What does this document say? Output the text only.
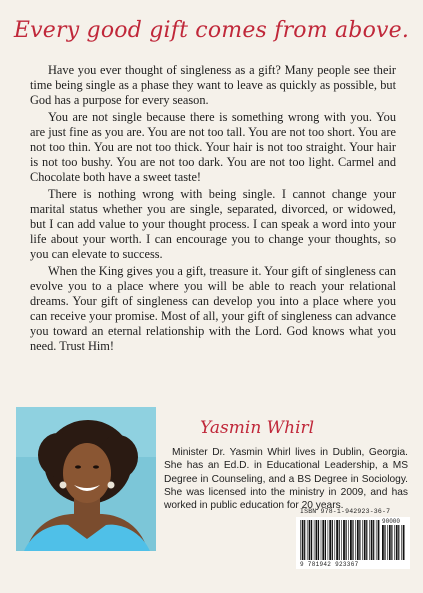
Every good gift comes from above.

Have you ever thought of singleness as a gift? Many people see their time being single as a phase they want to leave as quickly as possible, but God has a purpose for every season.

You are not single because there is something wrong with you. You are just fine as you are. You are not too tall. You are not too short. You are not too thin. You are not too thick. Your hair is not too straight. Your hair is not too bushy. You are not too dark. You are not too light. Carmel and Chocolate both have a sweet taste!

There is nothing wrong with being single. I cannot change your marital status whether you are single, separated, divorced, or widowed, but I can add value to your thought process. I can speak a word into your life about your worth. I can encourage you to change your thoughts, so you can elevate to success.

When the King gives you a gift, treasure it. Your gift of singleness can evolve you to a place where you will be able to reach your relational dreams. Your gift of singleness can develop you into a place where you can receive your promise. Most of all, your gift of singleness can advance you toward an eternal relationship with the Lord. God knows what you need. Trust Him!

Yasmin Whirl

Minister Dr. Yasmin Whirl lives in Dublin, Georgia. She has an Ed.D. in Educational Leadership, a MS Degree in Counseling, and a BS Degree in Sociology. She was licensed into the ministry in 2009, and has worked in public education for 20 years.

ISBN 978-1-942923-36-7
90000
9 781942 923367
